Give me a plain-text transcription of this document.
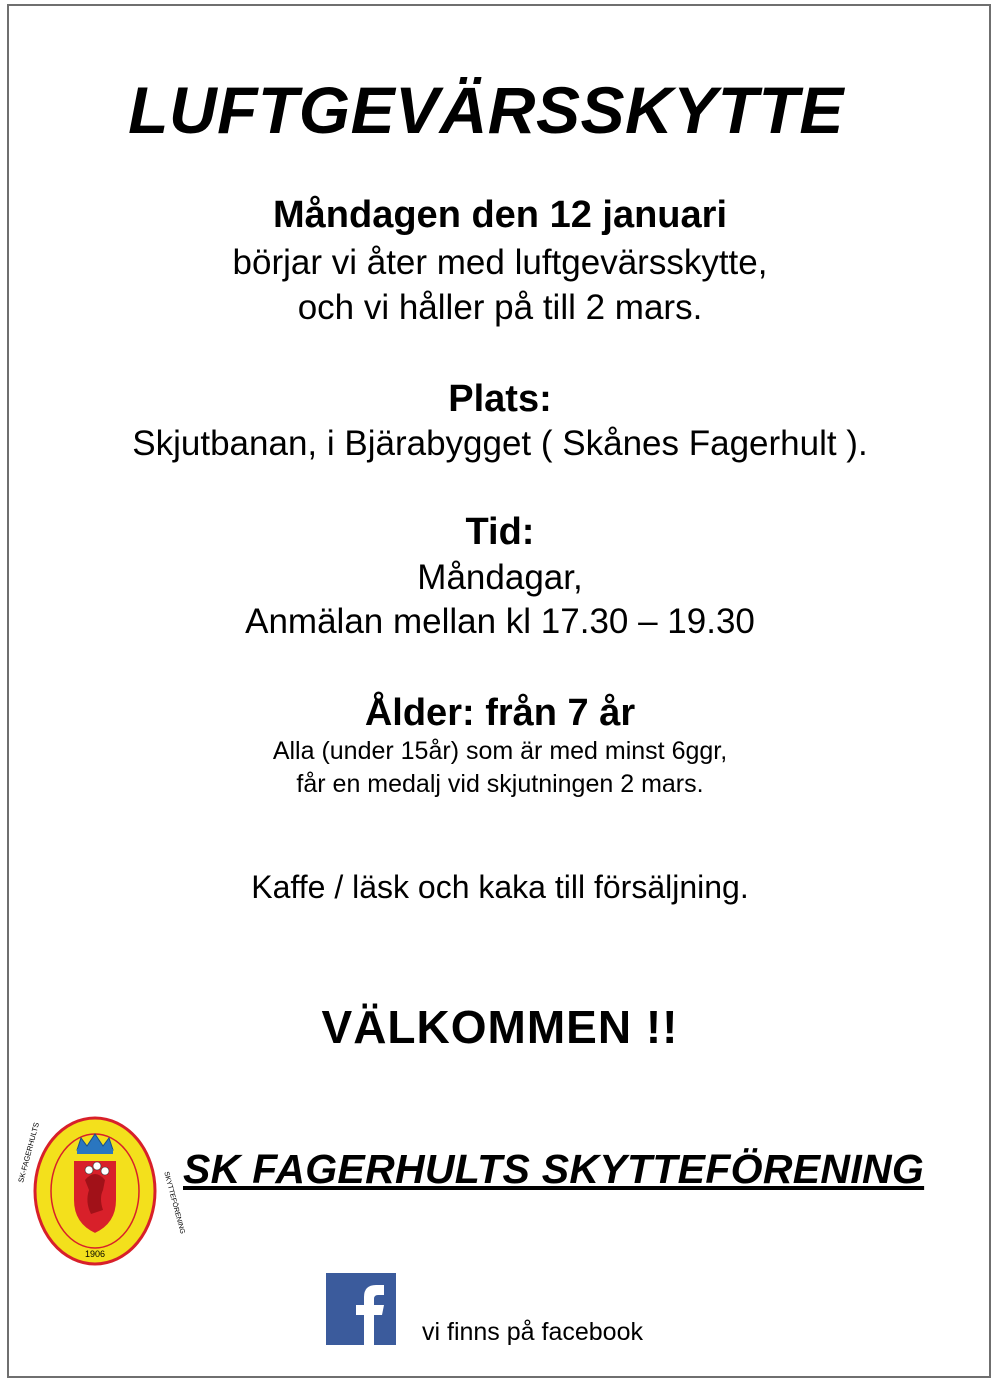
LUFTGEVÄRSSKYTTE
Måndagen den 12 januari
börjar vi åter med luftgevärsskytte,
och vi håller på till 2 mars.
Plats:
Skjutbanan, i Bjärabygget ( Skånes Fagerhult ).
Tid:
Måndagar,
Anmälan mellan kl 17.30 – 19.30
Ålder: från 7 år
Alla (under 15år) som är med minst 6ggr,
får en medalj vid skjutningen 2 mars.
Kaffe / läsk och kaka till försäljning.
VÄLKOMMEN !!
SK-FAGERHULTS
SKYTTEFÖRENING
1906
SK FAGERHULTS SKYTTEFÖRENING
vi finns på facebook
